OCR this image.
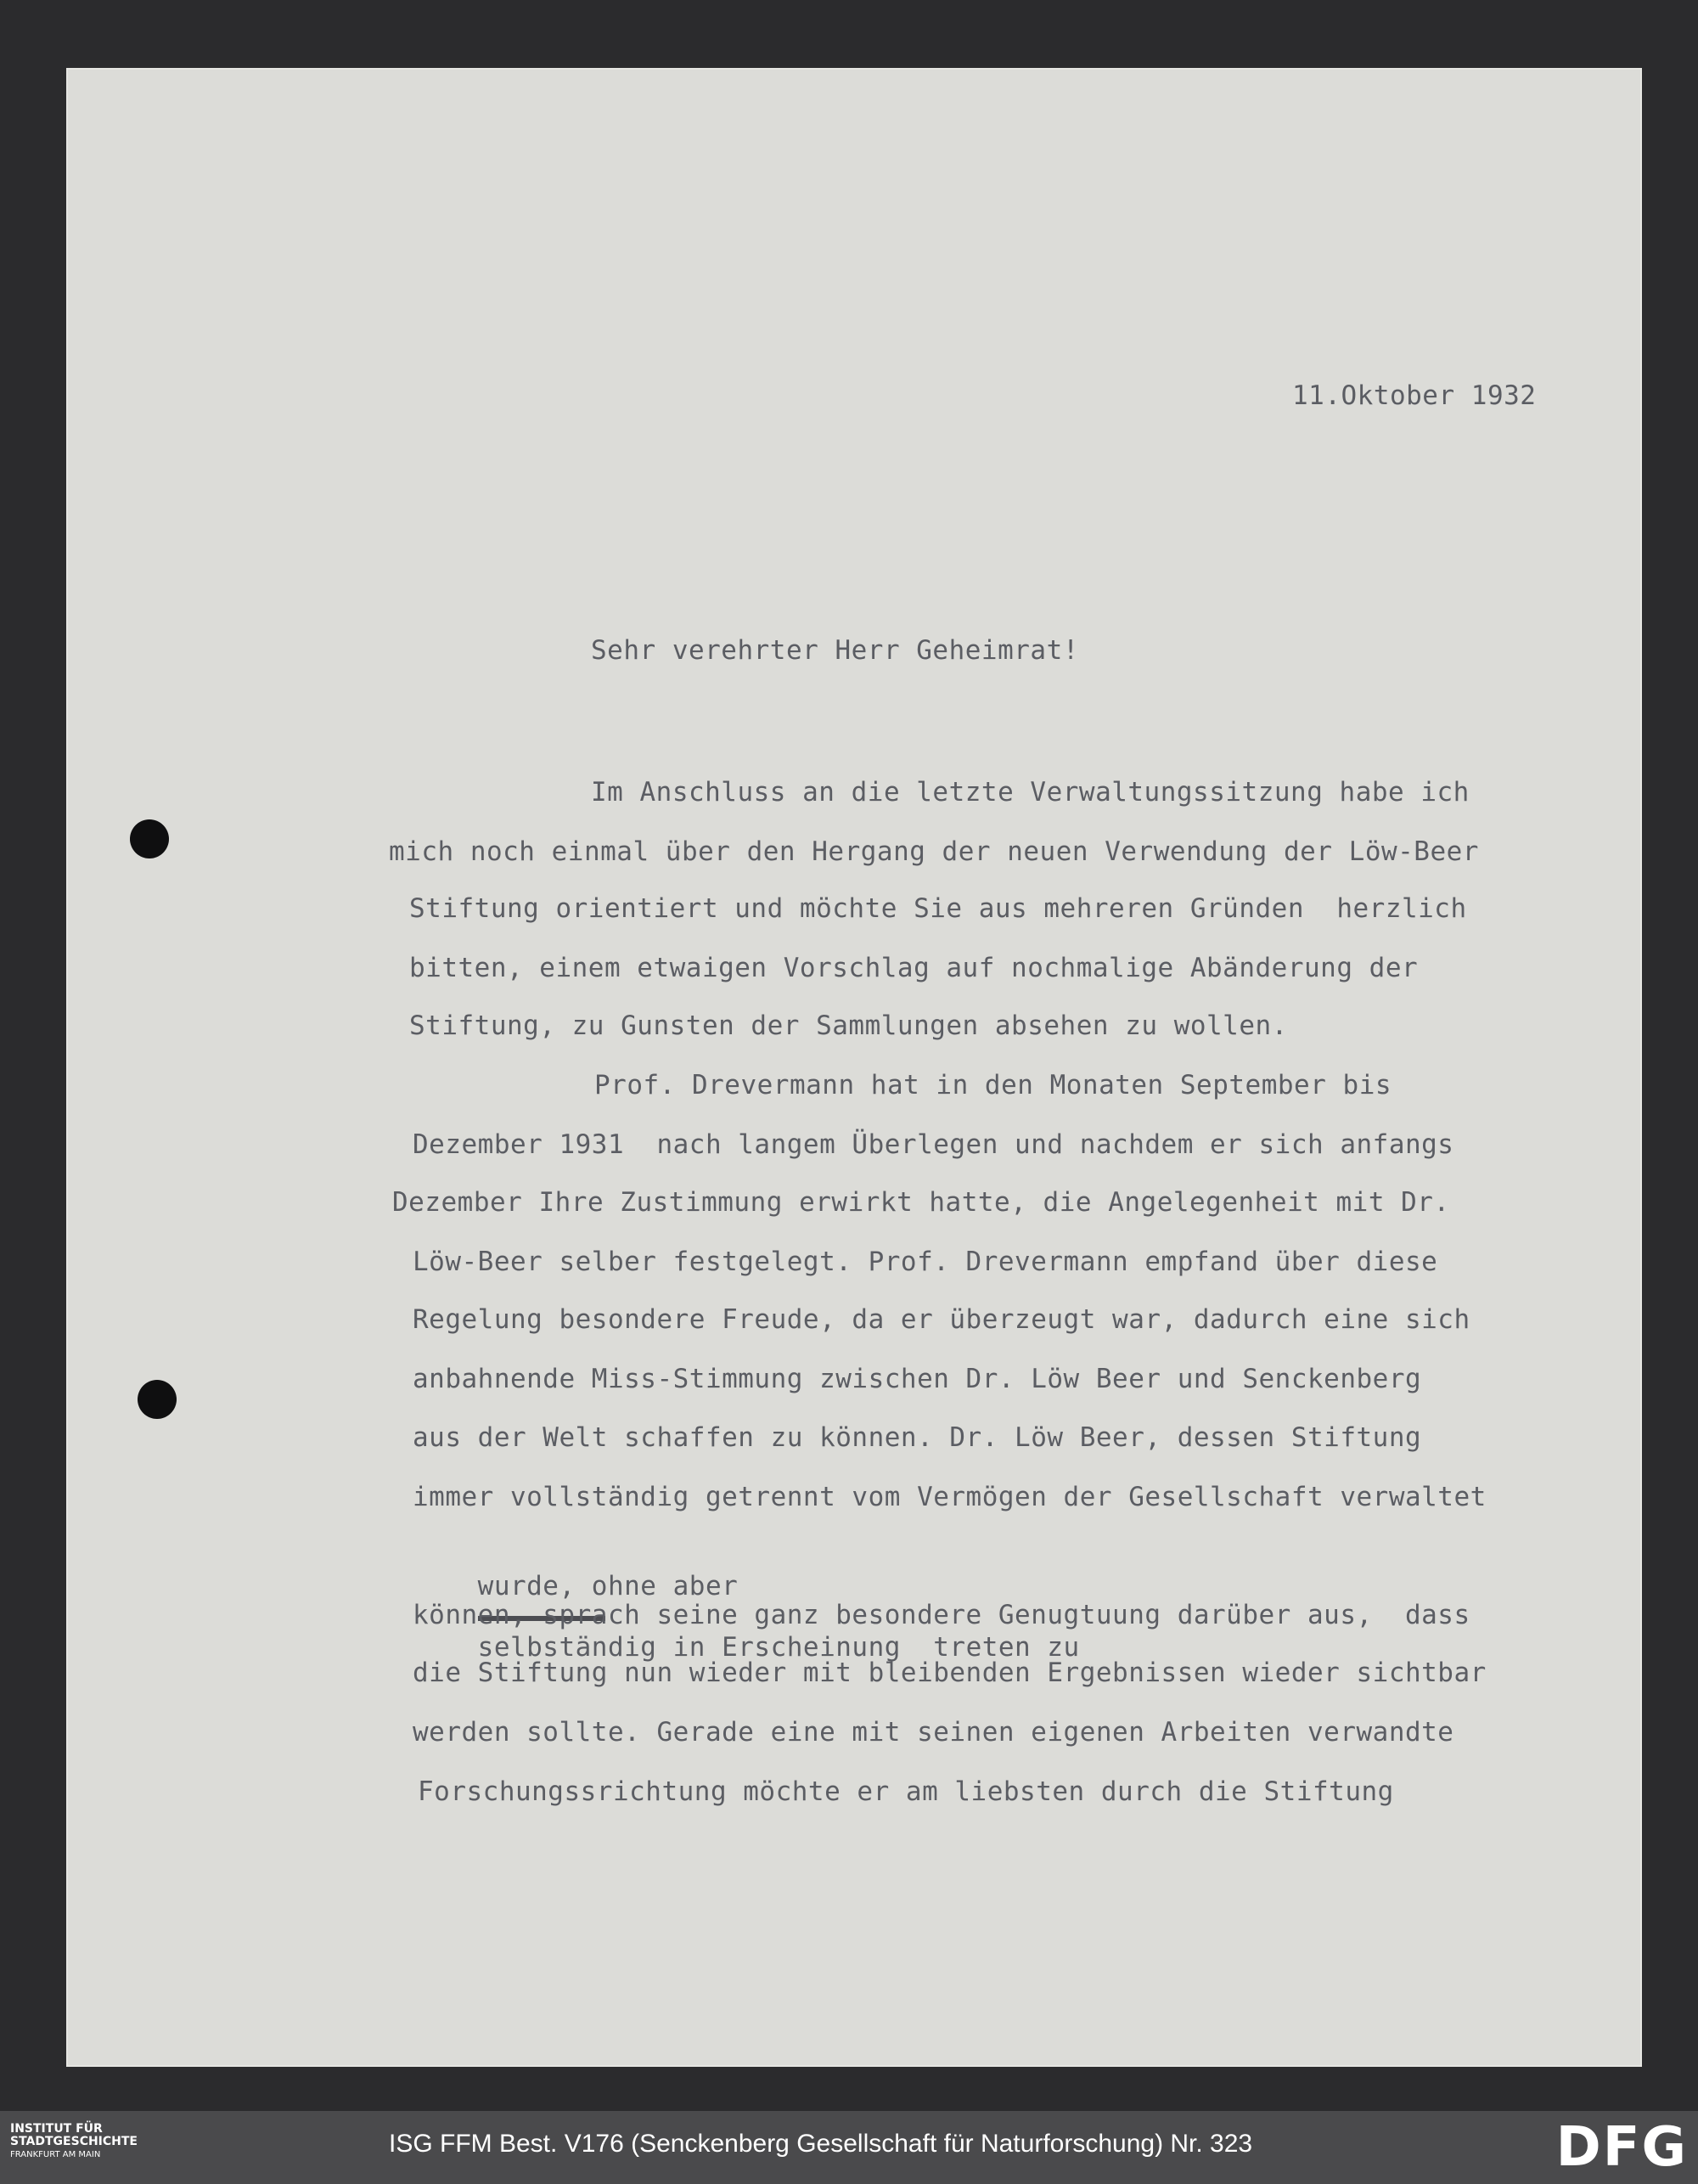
11.Oktober 1932
Sehr verehrter Herr Geheimrat!
Im Anschluss an die letzte Verwaltungssitzung habe ich
mich noch einmal über den Hergang der neuen Verwendung der Löw-Beer
Stiftung orientiert und möchte Sie aus mehreren Gründen  herzlich
bitten, einem etwaigen Vorschlag auf nochmalige Abänderung der
Stiftung, zu Gunsten der Sammlungen absehen zu wollen.
Prof. Drevermann hat in den Monaten September bis
Dezember 1931  nach langem Überlegen und nachdem er sich anfangs
Dezember Ihre Zustimmung erwirkt hatte, die Angelegenheit mit Dr.
Löw-Beer selber festgelegt. Prof. Drevermann empfand über diese
Regelung besondere Freude, da er überzeugt war, dadurch eine sich
anbahnende Miss-Stimmung zwischen Dr. Löw Beer und Senckenberg
aus der Welt schaffen zu können. Dr. Löw Beer, dessen Stiftung
immer vollständig getrennt vom Vermögen der Gesellschaft verwaltet

wurde, ohne aber

selbständig in Erscheinung  treten zu

können, sprach seine ganz besondere Genugtuung darüber aus,  dass
die Stiftung nun wieder mit bleibenden Ergebnissen wieder sichtbar
werden sollte. Gerade eine mit seinen eigenen Arbeiten verwandte
Forschungssrichtung möchte er am liebsten durch die Stiftung
INSTITUT FÜR
STADTGESCHICHTE
FRANKFURT AM MAIN	ISG FFM Best. V176 (Senckenberg Gesellschaft für Naturforschung) Nr. 323	DFG
